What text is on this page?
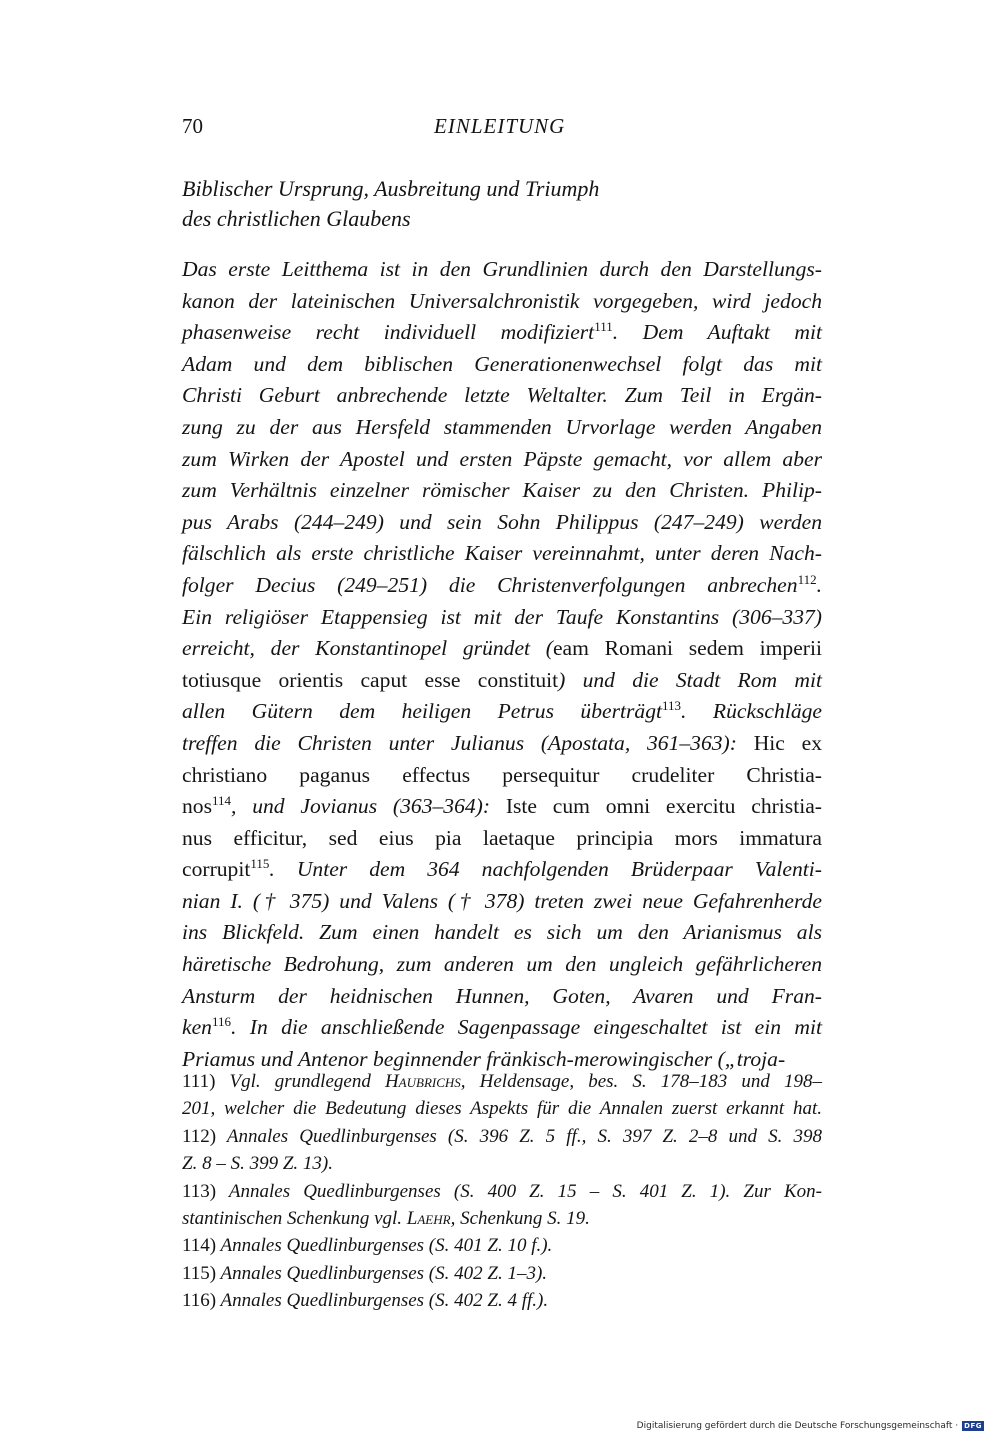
70	EINLEITUNG
Biblischer Ursprung, Ausbreitung und Triumph
des christlichen Glaubens
Das erste Leitthema ist in den Grundlinien durch den Darstellungs-
kanon der lateinischen Universalchronistik vorgegeben, wird jedoch
phasenweise recht individuell modifiziert$^{111}$. Dem Auftakt mit
Adam und dem biblischen Generationenwechsel folgt das mit
Christi Geburt anbrechende letzte Weltalter. Zum Teil in Ergän-
zung zu der aus Hersfeld stammenden Urvorlage werden Angaben
zum Wirken der Apostel und ersten Päpste gemacht, vor allem aber
zum Verhältnis einzelner römischer Kaiser zu den Christen. Philip-
pus Arabs (244–249) und sein Sohn Philippus (247–249) werden
fälschlich als erste christliche Kaiser vereinnahmt, unter deren Nach-
folger Decius (249–251) die Christenverfolgungen anbrechen$^{112}$.
Ein religiöser Etappensieg ist mit der Taufe Konstantins (306–337)
erreicht, der Konstantinopel gründet (eam Romani sedem imperii
totiusque orientis caput esse constituit) und die Stadt Rom mit
allen Gütern dem heiligen Petrus überträgt$^{113}$. Rückschläge
treffen die Christen unter Julianus (Apostata, 361–363): Hic ex
christiano paganus effectus persequitur crudeliter Christia-
nos$^{114}$, und Jovianus (363–364): Iste cum omni exercitu christia-
nus efficitur, sed eius pia laetaque principia mors immatura
corrupit$^{115}$. Unter dem 364 nachfolgenden Brüderpaar Valenti-
nian I. († 375) und Valens († 378) treten zwei neue Gefahrenherde
ins Blickfeld. Zum einen handelt es sich um den Arianismus als
häretische Bedrohung, zum anderen um den ungleich gefährlicheren
Ansturm der heidnischen Hunnen, Goten, Avaren und Fran-
ken$^{116}$. In die anschließende Sagenpassage eingeschaltet ist ein mit
Priamus und Antenor beginnender fränkisch-merowingischer („troja-
111) Vgl. grundlegend Haubrichs, Heldensage, bes. S. 178–183 und 198–
201, welcher die Bedeutung dieses Aspekts für die Annalen zuerst erkannt hat.
112) Annales Quedlinburgenses (S. 396 Z. 5 ff., S. 397 Z. 2–8 und S. 398
Z. 8 – S. 399 Z. 13).
113) Annales Quedlinburgenses (S. 400 Z. 15 – S. 401 Z. 1). Zur Kon-
stantinischen Schenkung vgl. Laehr, Schenkung S. 19.
114) Annales Quedlinburgenses (S. 401 Z. 10 f.).
115) Annales Quedlinburgenses (S. 402 Z. 1–3).
116) Annales Quedlinburgenses (S. 402 Z. 4 ff.).
Digitalisierung gefördert durch die Deutsche Forschungsgemeinschaft · DFG
